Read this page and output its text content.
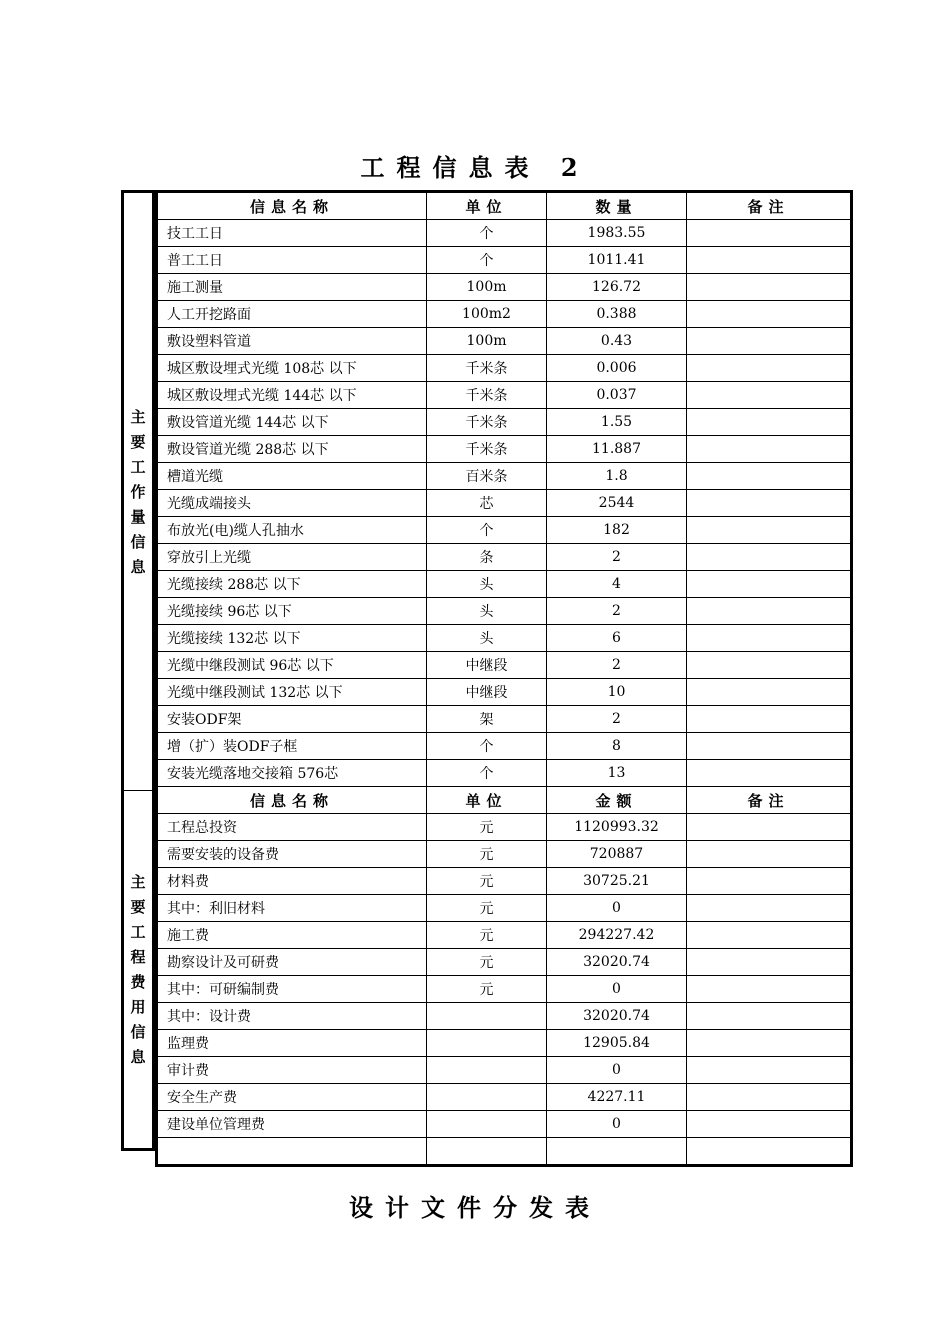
工程信息表 2
主要工作量信息
主要工程费用信息
信息名称	单位	数量	备注
技工工日	个	1983.55	
普工工日	个	1011.41	
施工测量	100m	126.72	
人工开挖路面	100m2	0.388	
敷设塑料管道	100m	0.43	
城区敷设埋式光缆 108芯 以下	千米条	0.006	
城区敷设埋式光缆 144芯 以下	千米条	0.037	
敷设管道光缆 144芯 以下	千米条	1.55	
敷设管道光缆 288芯 以下	千米条	11.887	
槽道光缆	百米条	1.8	
光缆成端接头	芯	2544	
布放光(电)缆人孔抽水	个	182	
穿放引上光缆	条	2	
光缆接续 288芯 以下	头	4	
光缆接续 96芯 以下	头	2	
光缆接续 132芯 以下	头	6	
光缆中继段测试 96芯 以下	中继段	2	
光缆中继段测试 132芯 以下	中继段	10	
安装ODF架	架	2	
增（扩）装ODF子框	个	8	
安装光缆落地交接箱 576芯	个	13	
信息名称	单位	金额	备注
工程总投资	元	1120993.32	
需要安装的设备费	元	720887	
材料费	元	30725.21	
其中：利旧材料	元	0	
施工费	元	294227.42	
勘察设计及可研费	元	32020.74	
其中：可研编制费	元	0	
其中：设计费		32020.74	
监理费		12905.84	
审计费		0	
安全生产费		4227.11	
建设单位管理费		0	

设计文件分发表
